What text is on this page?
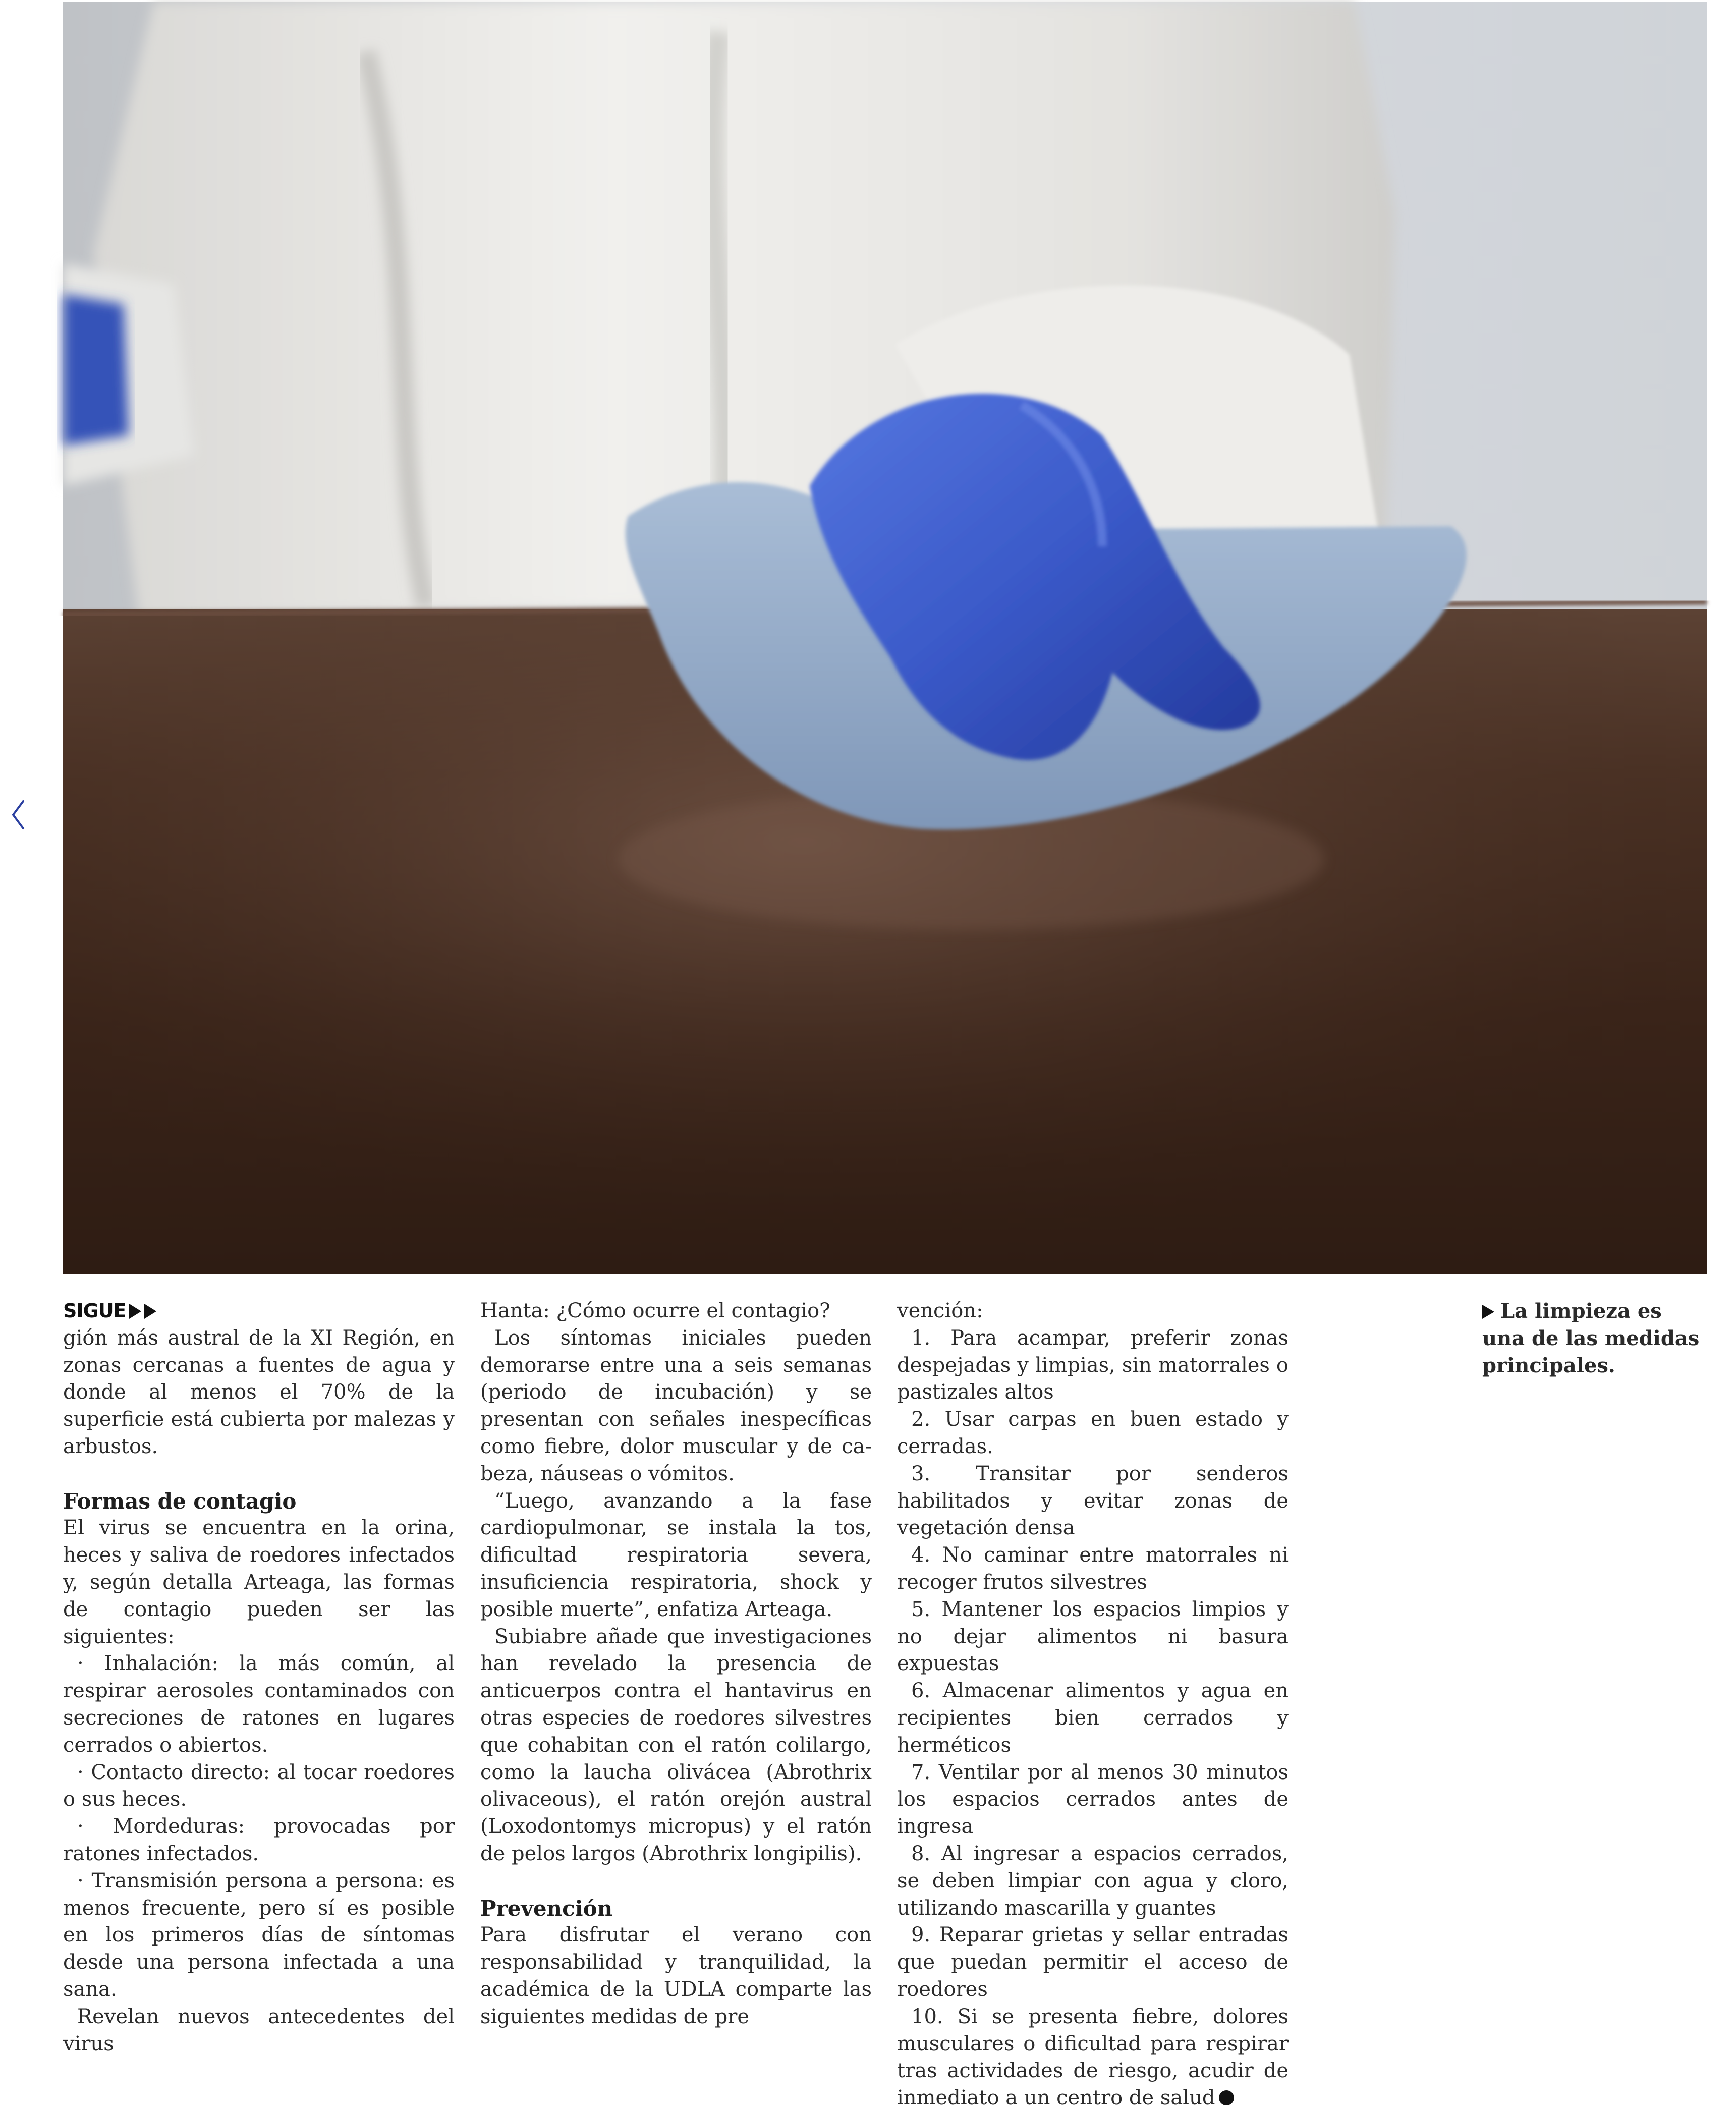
SIGUE

gión más austral de la XI Región, en zonas cercanas a fuentes de agua y donde al menos el 70% de la superficie está cubierta por malezas y arbustos.

Formas de contagio

El virus se encuentra en la orina, heces y saliva de roedores infectados y, según detalla Arteaga, las formas de contagio pueden ser las siguientes:

· Inhalación: la más común, al respirar aerosoles contaminados con secreciones de ratones en lugares cerrados o abiertos.

· Contacto directo: al tocar roedores o sus heces.

· Mordeduras: provocadas por ratones infectados.

· Transmisión persona a persona: es menos frecuente, pero sí es posible en los primeros días de síntomas desde una persona infectada a una sana.

Revelan nuevos antecedentes del virus

Hanta: ¿Cómo ocurre el contagio?

Los síntomas iniciales pueden demorarse entre una a seis semanas (periodo de incubación) y se presentan con señales inespecíficas como fiebre, dolor muscular y de cabeza, náuseas o vómitos.

“Luego, avanzando a la fase cardiopulmonar, se instala la tos, dificultad respiratoria severa, insuficiencia respiratoria, shock y posible muerte”, enfatiza Arteaga.

Subiabre añade que investigaciones han revelado la presencia de anticuerpos contra el hantavirus en otras especies de roedores silvestres que cohabitan con el ratón colilargo, como la laucha olivácea (Abrothrix olivaceous), el ratón orejón austral (Loxodontomys micropus) y el ratón de pelos largos (Abrothrix longipilis).

Prevención

Para disfrutar el verano con responsabilidad y tranquilidad, la académica de la UDLA comparte las siguientes medidas de pre

vención:

1. Para acampar, preferir zonas despejadas y limpias, sin matorrales o pastizales altos

2. Usar carpas en buen estado y cerradas.

3. Transitar por senderos habilitados y evitar zonas de vegetación densa

4. No caminar entre matorrales ni recoger frutos silvestres

5. Mantener los espacios limpios y no dejar alimentos ni basura expuestas

6. Almacenar alimentos y agua en recipientes bien cerrados y herméticos

7. Ventilar por al menos 30 minutos los espacios cerrados antes de ingresa

8. Al ingresar a espacios cerrados, se deben limpiar con agua y cloro, utilizando mascarilla y guantes

9. Reparar grietas y sellar entradas que puedan permitir el acceso de roedores

10. Si se presenta fiebre, dolores musculares o dificultad para respirar tras actividades de riesgo, acudir de inmediato a un centro de salud

La limpieza es una de las medidas principales.
